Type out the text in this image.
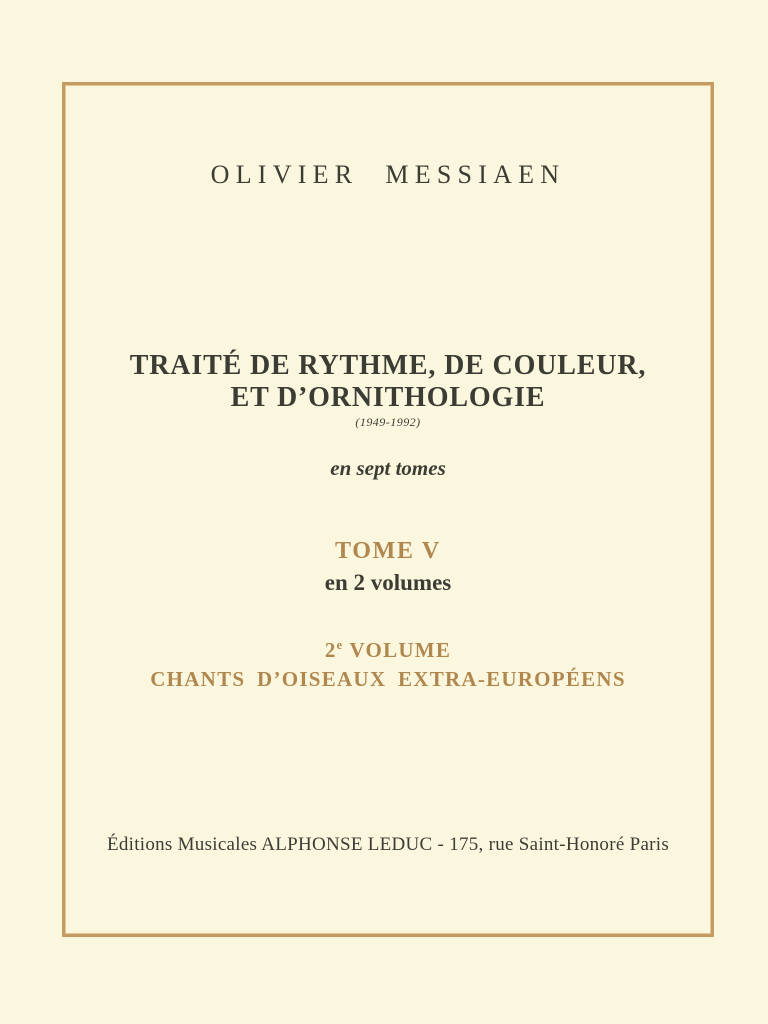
OLIVIER MESSIAEN
TRAITÉ DE RYTHME, DE COULEUR,
ET D’ORNITHOLOGIE
(1949-1992)
en sept tomes
TOME V
en 2 volumes
2e VOLUME
CHANTS D’OISEAUX EXTRA-EUROPÉENS
Éditions Musicales ALPHONSE LEDUC - 175, rue Saint-Honoré Paris
